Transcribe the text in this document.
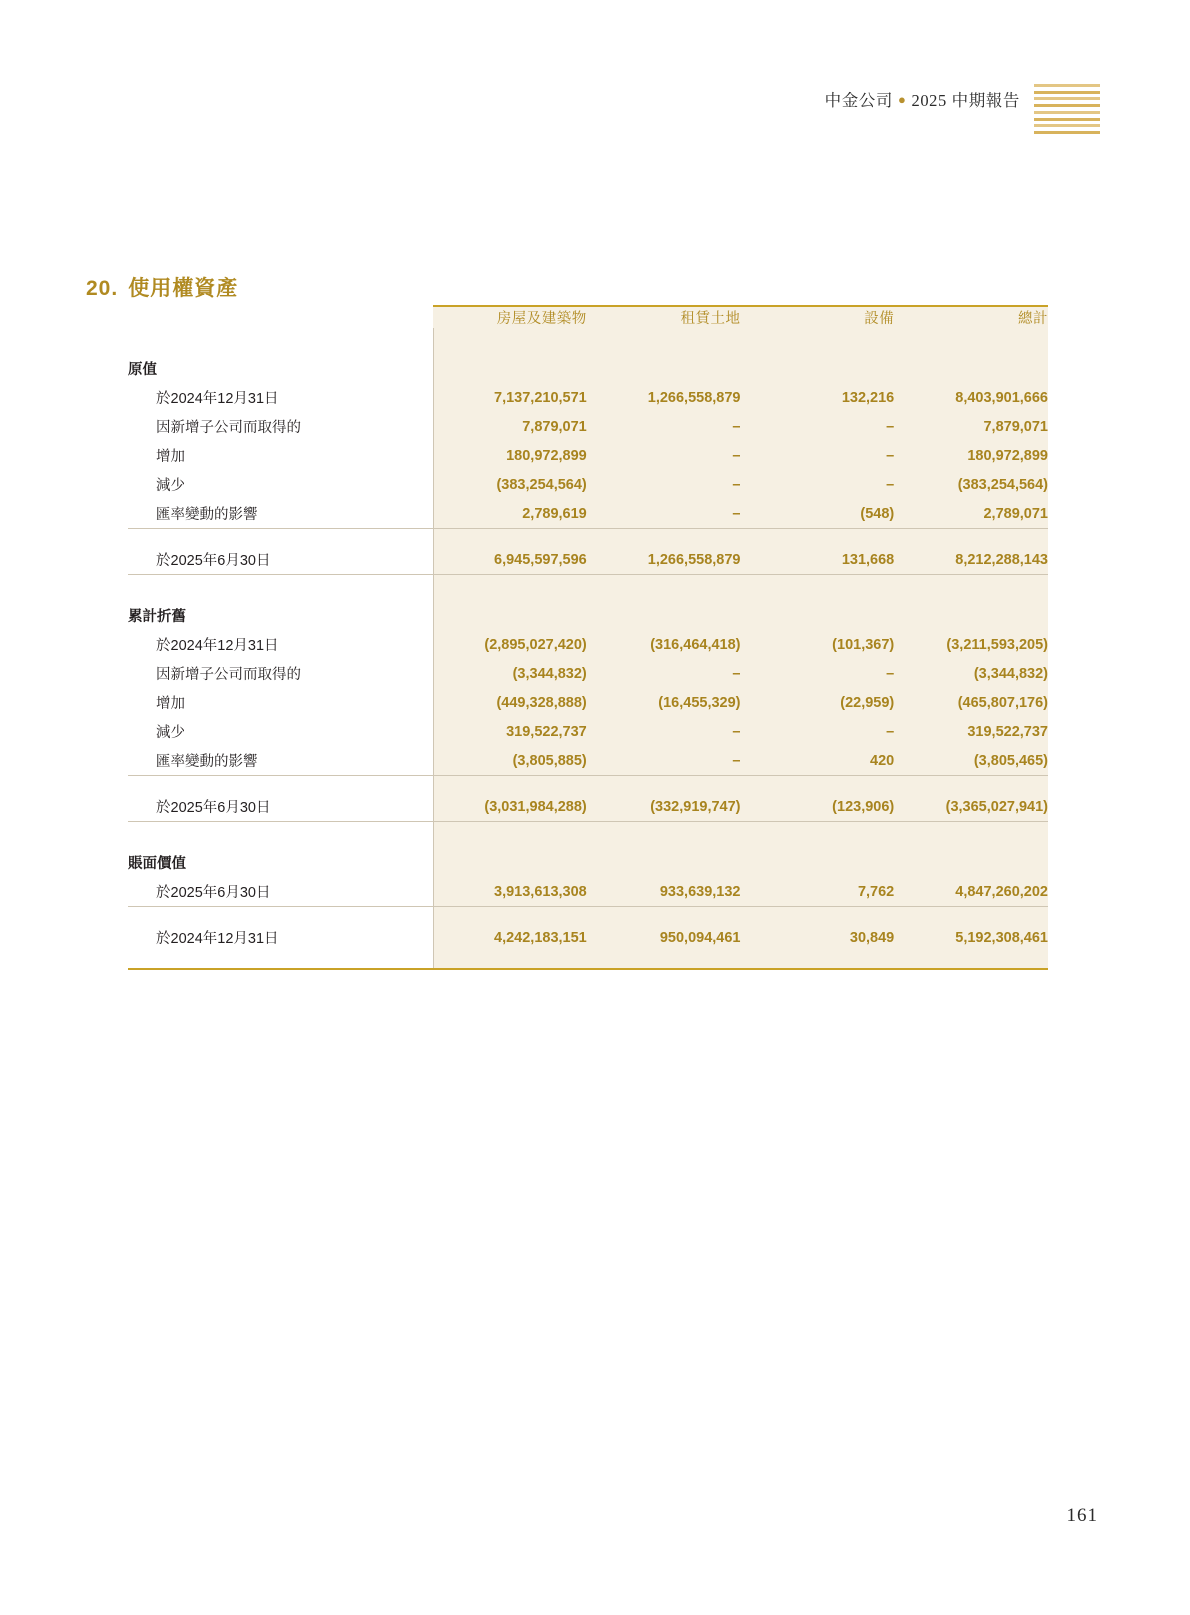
中金公司 ● 2025 中期報告
20. 使用權資產
	房屋及建築物	租賃土地	設備	總計

原值				
於2024年12月31日	7,137,210,571	1,266,558,879	132,216	8,403,901,666
因新增子公司而取得的	7,879,071	–	–	7,879,071
增加	180,972,899	–	–	180,972,899
減少	(383,254,564)	–	–	(383,254,564)
匯率變動的影響	2,789,619	–	(548)	2,789,071

於2025年6月30日	6,945,597,596	1,266,558,879	131,668	8,212,288,143

累計折舊				
於2024年12月31日	(2,895,027,420)	(316,464,418)	(101,367)	(3,211,593,205)
因新增子公司而取得的	(3,344,832)	–	–	(3,344,832)
增加	(449,328,888)	(16,455,329)	(22,959)	(465,807,176)
減少	319,522,737	–	–	319,522,737
匯率變動的影響	(3,805,885)	–	420	(3,805,465)

於2025年6月30日	(3,031,984,288)	(332,919,747)	(123,906)	(3,365,027,941)

賬面價值				
於2025年6月30日	3,913,613,308	933,639,132	7,762	4,847,260,202

於2024年12月31日	4,242,183,151	950,094,461	30,849	5,192,308,461

161
